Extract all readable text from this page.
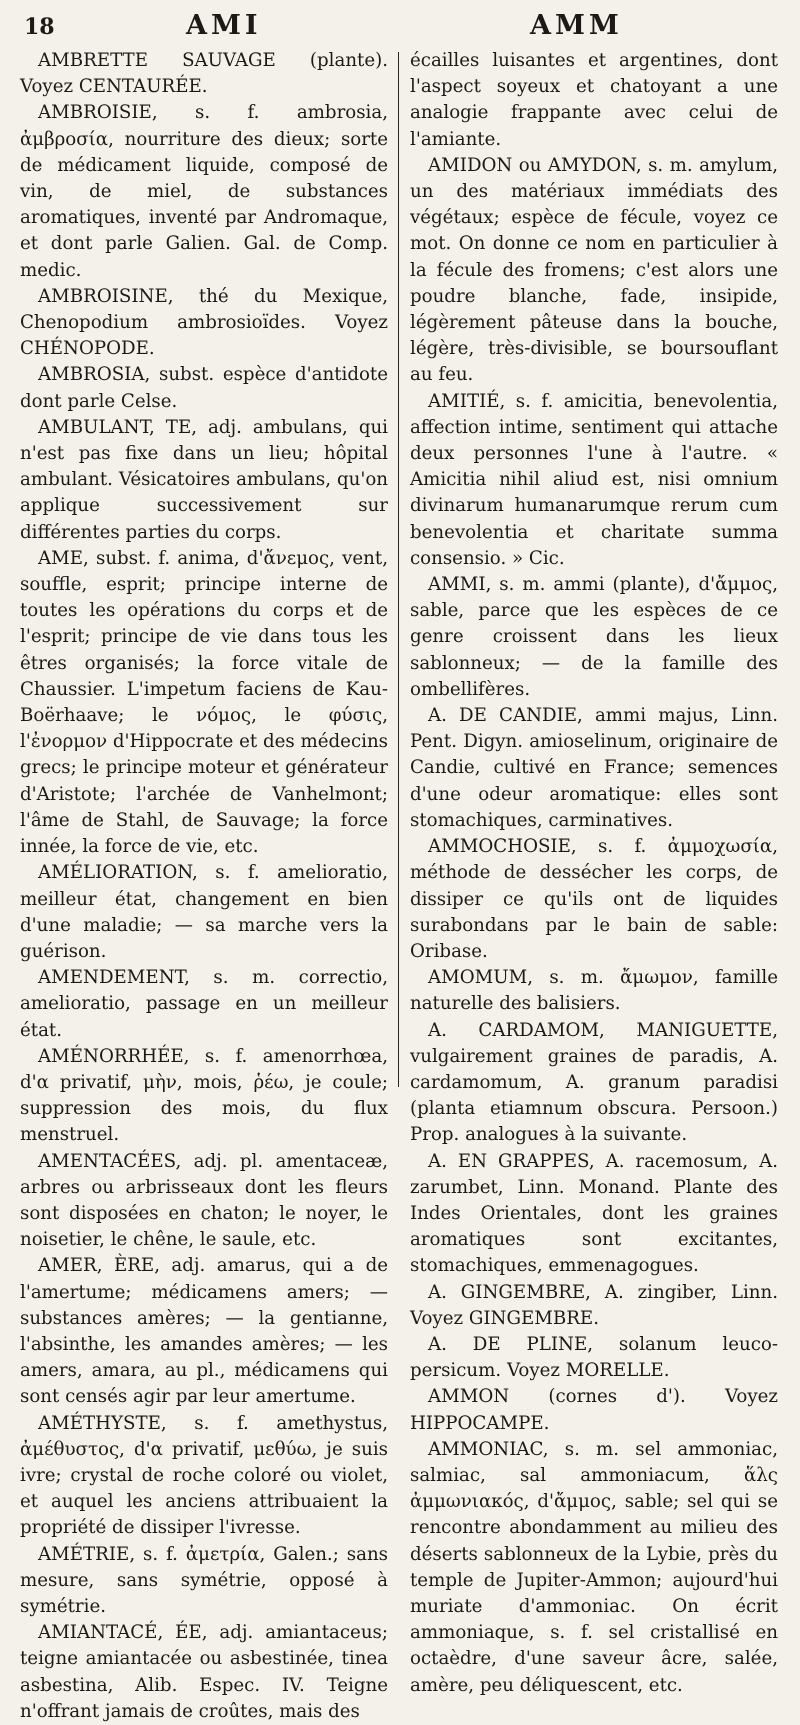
18	AMI	AMM

AMBRETTE SAUVAGE (plante). Voyez CENTAURÉE.

AMBROISIE, s. f. ambrosia, ἀμβροσία, nourriture des dieux; sorte de médicament liquide, composé de vin, de miel, de substances aromatiques, inventé par Andromaque, et dont parle Galien. Gal. de Comp. medic.

AMBROISINE, thé du Mexique, Chenopodium ambrosioïdes. Voyez CHÉNOPODE.

AMBROSIA, subst. espèce d'antidote dont parle Celse.

AMBULANT, TE, adj. ambulans, qui n'est pas fixe dans un lieu; hôpital ambulant. Vésicatoires ambulans, qu'on applique successivement sur différentes parties du corps.

AME, subst. f. anima, d'ἄνεμος, vent, souffle, esprit; principe interne de toutes les opérations du corps et de l'esprit; principe de vie dans tous les êtres organisés; la force vitale de Chaussier. L'impetum faciens de Kau-Boërhaave; le νόμος, le φύσις, l'ἐνορμον d'Hippocrate et des médecins grecs; le principe moteur et générateur d'Aristote; l'archée de Vanhelmont; l'âme de Stahl, de Sauvage; la force innée, la force de vie, etc.

AMÉLIORATION, s. f. amelioratio, meilleur état, changement en bien d'une maladie; — sa marche vers la guérison.

AMENDEMENT, s. m. correctio, amelioratio, passage en un meilleur état.

AMÉNORRHÉE, s. f. amenorrhœa, d'α privatif, μὴν, mois, ῥέω, je coule; suppression des mois, du flux menstruel.

AMENTACÉES, adj. pl. amentaceæ, arbres ou arbrisseaux dont les fleurs sont disposées en chaton; le noyer, le noisetier, le chêne, le saule, etc.

AMER, ÈRE, adj. amarus, qui a de l'amertume; médicamens amers; — substances amères; — la gentianne, l'absinthe, les amandes amères; — les amers, amara, au pl., médicamens qui sont censés agir par leur amertume.

AMÉTHYSTE, s. f. amethystus, ἀμέθυστος, d'α privatif, μεθύω, je suis ivre; crystal de roche coloré ou violet, et auquel les anciens attribuaient la propriété de dissiper l'ivresse.

AMÉTRIE, s. f. ἀμετρία, Galen.; sans mesure, sans symétrie, opposé à symétrie.

AMIANTACÉ, ÉE, adj. amiantaceus; teigne amiantacée ou asbestinée, tinea asbestina, Alib. Espec. IV. Teigne n'offrant jamais de croûtes, mais des

écailles luisantes et argentines, dont l'aspect soyeux et chatoyant a une analogie frappante avec celui de l'amiante.

AMIDON ou AMYDON, s. m. amylum, un des matériaux immédiats des végétaux; espèce de fécule, voyez ce mot. On donne ce nom en particulier à la fécule des fromens; c'est alors une poudre blanche, fade, insipide, légèrement pâteuse dans la bouche, légère, très-divisible, se boursouflant au feu.

AMITIÉ, s. f. amicitia, benevolentia, affection intime, sentiment qui attache deux personnes l'une à l'autre. « Amicitia nihil aliud est, nisi omnium divinarum humanarumque rerum cum benevolentia et charitate summa consensio. » Cic.

AMMI, s. m. ammi (plante), d'ἄμμος, sable, parce que les espèces de ce genre croissent dans les lieux sablonneux; — de la famille des ombellifères.

A. DE CANDIE, ammi majus, Linn. Pent. Digyn. amioselinum, originaire de Candie, cultivé en France; semences d'une odeur aromatique: elles sont stomachiques, carminatives.

AMMOCHOSIE, s. f. ἀμμοχωσία, méthode de dessécher les corps, de dissiper ce qu'ils ont de liquides surabondans par le bain de sable: Oribase.

AMOMUM, s. m. ἄμωμον, famille naturelle des balisiers.

A. CARDAMOM, MANIGUETTE, vulgairement graines de paradis, A. cardamomum, A. granum paradisi (planta etiamnum obscura. Persoon.) Prop. analogues à la suivante.

A. EN GRAPPES, A. racemosum, A. zarumbet, Linn. Monand. Plante des Indes Orientales, dont les graines aromatiques sont excitantes, stomachiques, emmenagogues.

A. GINGEMBRE, A. zingiber, Linn. Voyez GINGEMBRE.

A. DE PLINE, solanum leuco-persicum. Voyez MORELLE.

AMMON (cornes d'). Voyez HIPPOCAMPE.

AMMONIAC, s. m. sel ammoniac, salmiac, sal ammoniacum, ἅλς ἀμμωνιακός, d'ἄμμος, sable; sel qui se rencontre abondamment au milieu des déserts sablonneux de la Lybie, près du temple de Jupiter-Ammon; aujourd'hui muriate d'ammoniac. On écrit ammoniaque, s. f. sel cristallisé en octaèdre, d'une saveur âcre, salée, amère, peu déliquescent, etc.
